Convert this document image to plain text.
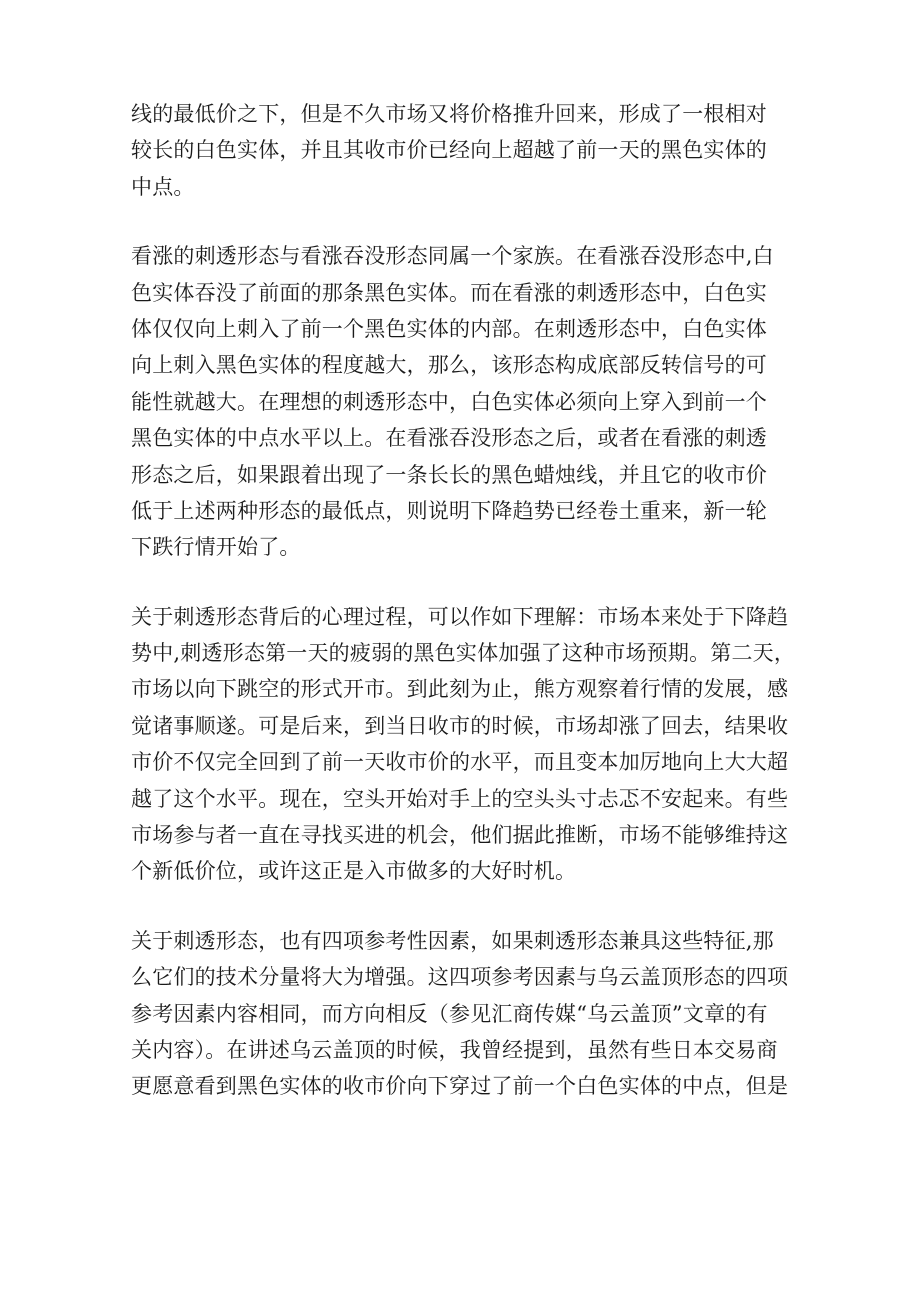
线的最低价之下，但是不久市场又将价格推升回来，形成了一根相对
较长的白色实体，并且其收市价已经向上超越了前一天的黑色实体的
中点。

看涨的刺透形态与看涨吞没形态同属一个家族。在看涨吞没形态中,白
色实体吞没了前面的那条黑色实体。而在看涨的刺透形态中，白色实
体仅仅向上刺入了前一个黑色实体的内部。在刺透形态中，白色实体
向上刺入黑色实体的程度越大，那么，该形态构成底部反转信号的可
能性就越大。在理想的刺透形态中，白色实体必须向上穿入到前一个
黑色实体的中点水平以上。在看涨吞没形态之后，或者在看涨的刺透
形态之后，如果跟着出现了一条长长的黑色蜡烛线，并且它的收市价
低于上述两种形态的最低点，则说明下降趋势已经卷土重来，新一轮
下跌行情开始了。

关于刺透形态背后的心理过程，可以作如下理解：市场本来处于下降趋
势中,刺透形态第一天的疲弱的黑色实体加强了这种市场预期。第二天，
市场以向下跳空的形式开市。到此刻为止，熊方观察着行情的发展，感
觉诸事顺遂。可是后来，到当日收市的时候，市场却涨了回去，结果收
市价不仅完全回到了前一天收市价的水平，而且变本加厉地向上大大超
越了这个水平。现在，空头开始对手上的空头头寸忐忑不安起来。有些
市场参与者一直在寻找买进的机会，他们据此推断，市场不能够维持这
个新低价位，或许这正是入市做多的大好时机。

关于刺透形态，也有四项参考性因素，如果刺透形态兼具这些特征,那
么它们的技术分量将大为增强。这四项参考因素与乌云盖顶形态的四项
参考因素内容相同，而方向相反（参见汇商传媒“乌云盖顶”文章的有
关内容）。在讲述乌云盖顶的时候，我曾经提到，虽然有些日本交易商
更愿意看到黑色实体的收市价向下穿过了前一个白色实体的中点，但是
